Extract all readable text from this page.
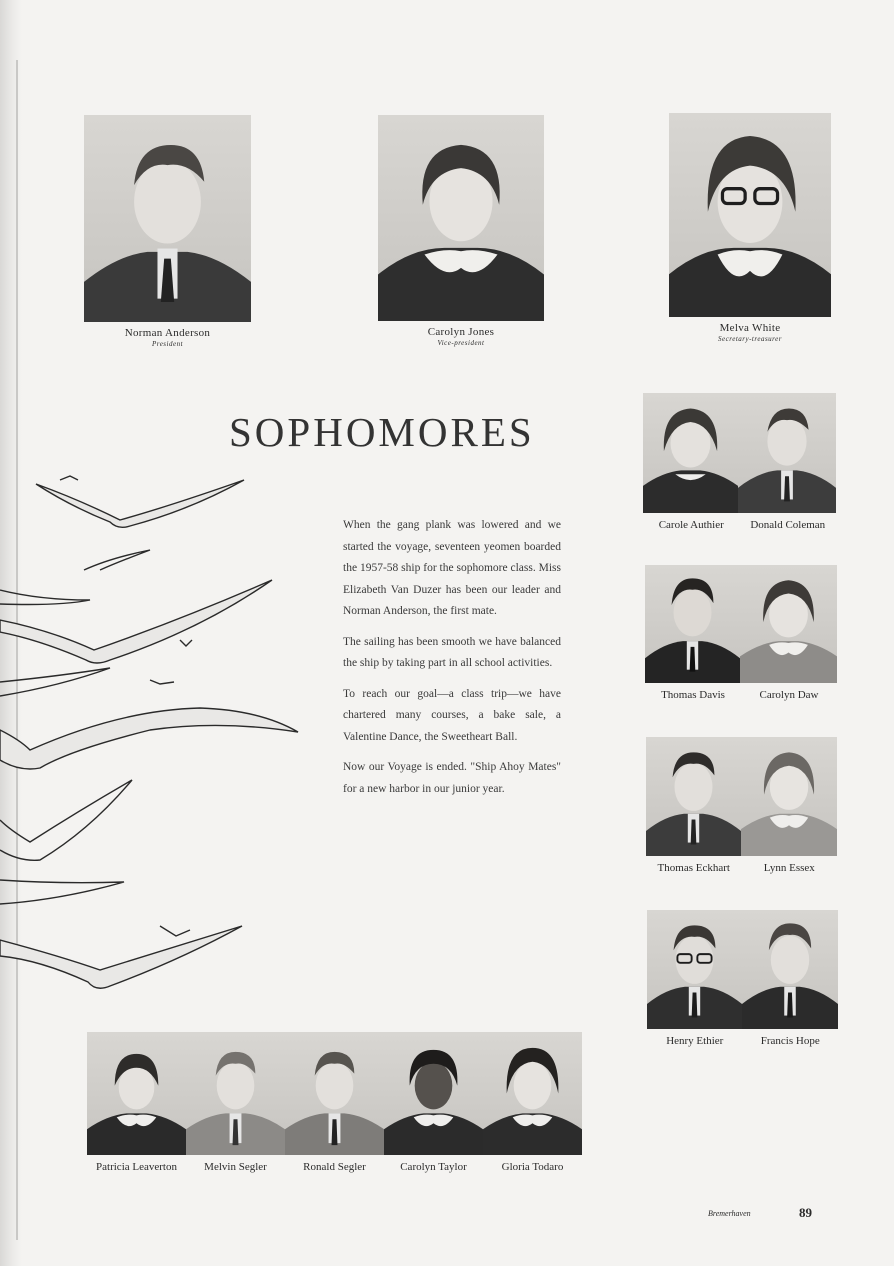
Norman Anderson
President
Carolyn Jones
Vice-president
Melva White
Secretary-treasurer
SOPHOMORES

When the gang plank was lowered and we started the voyage, seventeen yeomen boarded the 1957-58 ship for the sophomore class. Miss Elizabeth Van Duzer has been our leader and Norman Anderson, the first mate.

The sailing has been smooth we have balanced the ship by taking part in all school activities.

To reach our goal—a class trip—we have chartered many courses, a bake sale, a Valentine Dance, the Sweetheart Ball.

Now our Voyage is ended. "Ship Ahoy Mates" for a new harbor in our junior year.

Carole Authier	Donald Coleman
Thomas Davis	Carolyn Daw
Thomas Eckhart	Lynn Essex
Henry Ethier	Francis Hope
Patricia Leaverton	Melvin Segler	Ronald Segler	Carolyn Taylor	Gloria Todaro
Bremerhaven	89
